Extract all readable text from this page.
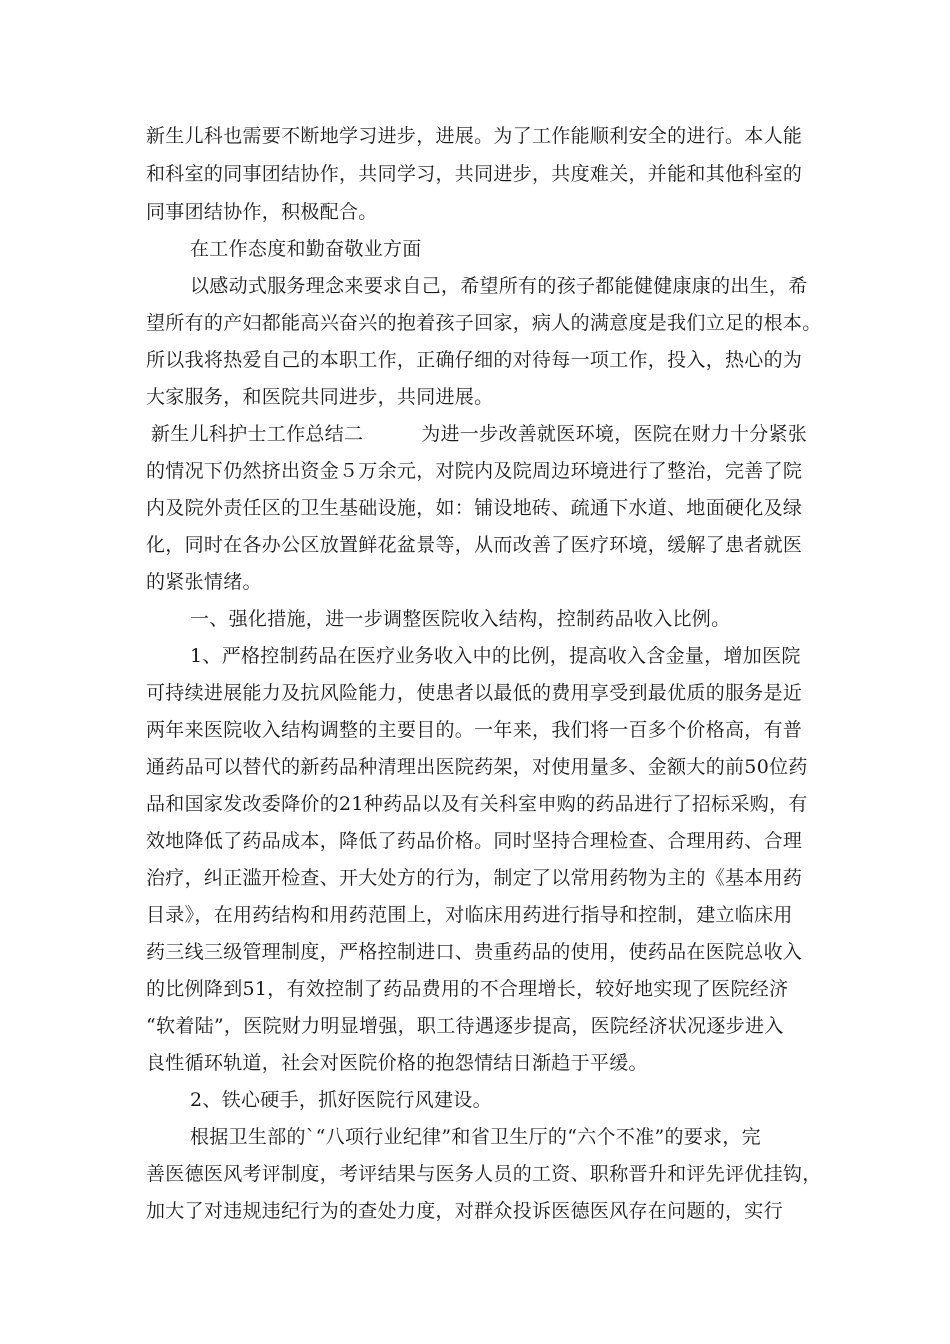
新生儿科也需要不断地学习进步，进展。为了工作能顺利安全的进行。本人能
和科室的同事团结协作，共同学习，共同进步，共度难关，并能和其他科室的
同事团结协作，积极配合。
在工作态度和勤奋敬业方面
以感动式服务理念来要求自己，希望所有的孩子都能健健康康的出生，希
望所有的产妇都能高兴奋兴的抱着孩子回家，病人的满意度是我们立足的根本。
所以我将热爱自己的本职工作，正确仔细的对待每一项工作，投入，热心的为
大家服务，和医院共同进步，共同进展。
新生儿科护士工作总结二　　　为进一步改善就医环境，医院在财力十分紧张
的情况下仍然挤出资金５万余元，对院内及院周边环境进行了整治，完善了院
内及院外责任区的卫生基础设施，如：铺设地砖、疏通下水道、地面硬化及绿
化，同时在各办公区放置鲜花盆景等，从而改善了医疗环境，缓解了患者就医
的紧张情绪。
一、强化措施，进一步调整医院收入结构，控制药品收入比例。
1、严格控制药品在医疗业务收入中的比例，提高收入含金量，增加医院
可持续进展能力及抗风险能力，使患者以最低的费用享受到最优质的服务是近
两年来医院收入结构调整的主要目的。一年来，我们将一百多个价格高，有普
通药品可以替代的新药品种清理出医院药架，对使用量多、金额大的前50位药
品和国家发改委降价的21种药品以及有关科室申购的药品进行了招标采购，有
效地降低了药品成本，降低了药品价格。同时坚持合理检查、合理用药、合理
治疗，纠正滥开检查、开大处方的行为，制定了以常用药物为主的《基本用药
目录》，在用药结构和用药范围上，对临床用药进行指导和控制，建立临床用
药三线三级管理制度，严格控制进口、贵重药品的使用，使药品在医院总收入
的比例降到51，有效控制了药品费用的不合理增长，较好地实现了医院经济
“软着陆”，医院财力明显增强，职工待遇逐步提高，医院经济状况逐步进入
良性循环轨道，社会对医院价格的抱怨情结日渐趋于平缓。
2、铁心硬手，抓好医院行风建设。
根据卫生部的`“八项行业纪律”和省卫生厅的“六个不准”的要求，完
善医德医风考评制度，考评结果与医务人员的工资、职称晋升和评先评优挂钩，
加大了对违规违纪行为的查处力度，对群众投诉医德医风存在问题的，实行
